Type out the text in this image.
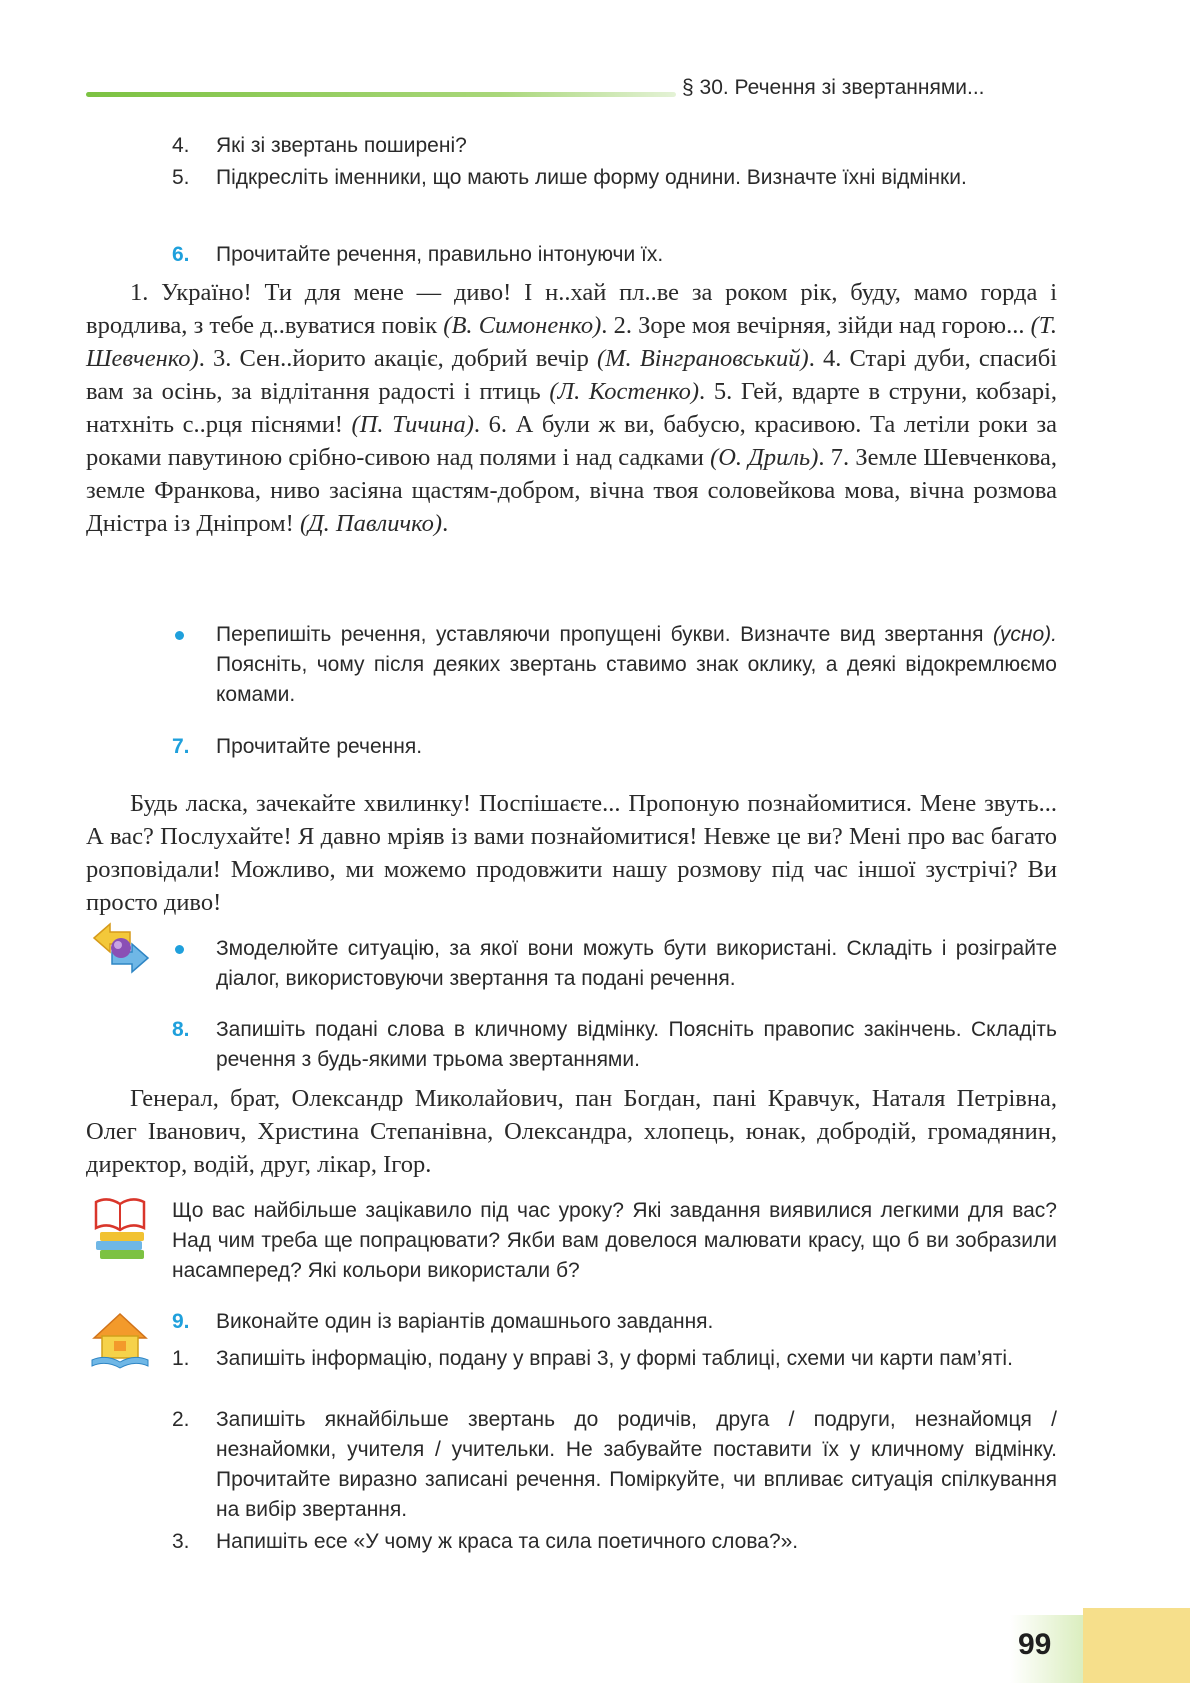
§ 30. Речення зі звертаннями...
4.	Які зі звертань поширені?
5.	Підкресліть іменники, що мають лише форму однини. Визначте їхні відмінки.
6.	Прочитайте речення, правильно інтонуючи їх.

1. Україно! Ти для мене — диво! І н..хай пл..ве за роком рік, буду, мамо горда і вродлива, з тебе д..вуватися повік (В. Симоненко). 2. Зоре моя вечірняя, зійди над горою... (Т. Шевченко). 3. Сен..йорито акаціє, добрий вечір (М. Вінграновський). 4. Старі дуби, спасибі вам за осінь, за відлітання радості і птиць (Л. Костенко). 5. Гей, вдарте в струни, кобзарі, натхніть с..рця піснями! (П. Тичина). 6. А були ж ви, бабусю, красивою. Та летіли роки за роками павутиною срібно-сивою над полями і над садками (О. Дриль). 7. Земле Шевченкова, земле Франкова, ниво засіяна щастям-добром, вічна твоя соловейкова мова, вічна розмова Дністра із Дніпром! (Д. Павличко).

Перепишіть речення, уставляючи пропущені букви. Визначте вид звертання (усно). Поясніть, чому після деяких звертань ставимо знак оклику, а деякі відокремлюємо комами.
7.	Прочитайте речення.

Будь ласка, зачекайте хвилинку! Поспішаєте... Пропоную познайомитися. Мене звуть... А вас? Послухайте! Я давно мріяв із вами познайомитися! Невже це ви? Мені про вас багато розповідали! Можливо, ми можемо продовжити нашу розмову під час іншої зустрічі? Ви просто диво!

Змоделюйте ситуацію, за якої вони можуть бути використані. Складіть і розіграйте діалог, використовуючи звертання та подані речення.
8.	Запишіть подані слова в кличному відмінку. Поясніть правопис закінчень. Складіть речення з будь-якими трьома звертаннями.

Генерал, брат, Олександр Миколайович, пан Богдан, пані Кравчук, Наталя Петрівна, Олег Іванович, Христина Степанівна, Олександра, хлопець, юнак, добродій, громадянин, директор, водій, друг, лікар, Ігор.

Що вас найбільше зацікавило під час уроку? Які завдання виявилися легкими для вас? Над чим треба ще попрацювати? Якби вам довелося малювати красу, що б ви зобразили насамперед? Які кольори використали б?
9.	Виконайте один із варіантів домашнього завдання.
1.	Запишіть інформацію, подану у вправі 3, у формі таблиці, схеми чи карти пам’яті.
2.	Запишіть якнайбільше звертань до родичів, друга / подруги, незнайомця / незнайомки, учителя / учительки. Не забувайте поставити їх у кличному відмінку. Прочитайте виразно записані речення. Поміркуйте, чи впливає ситуація спілкування на вибір звертання.
3.	Напишіть есе «У чому ж краса та сила поетичного слова?».
99
